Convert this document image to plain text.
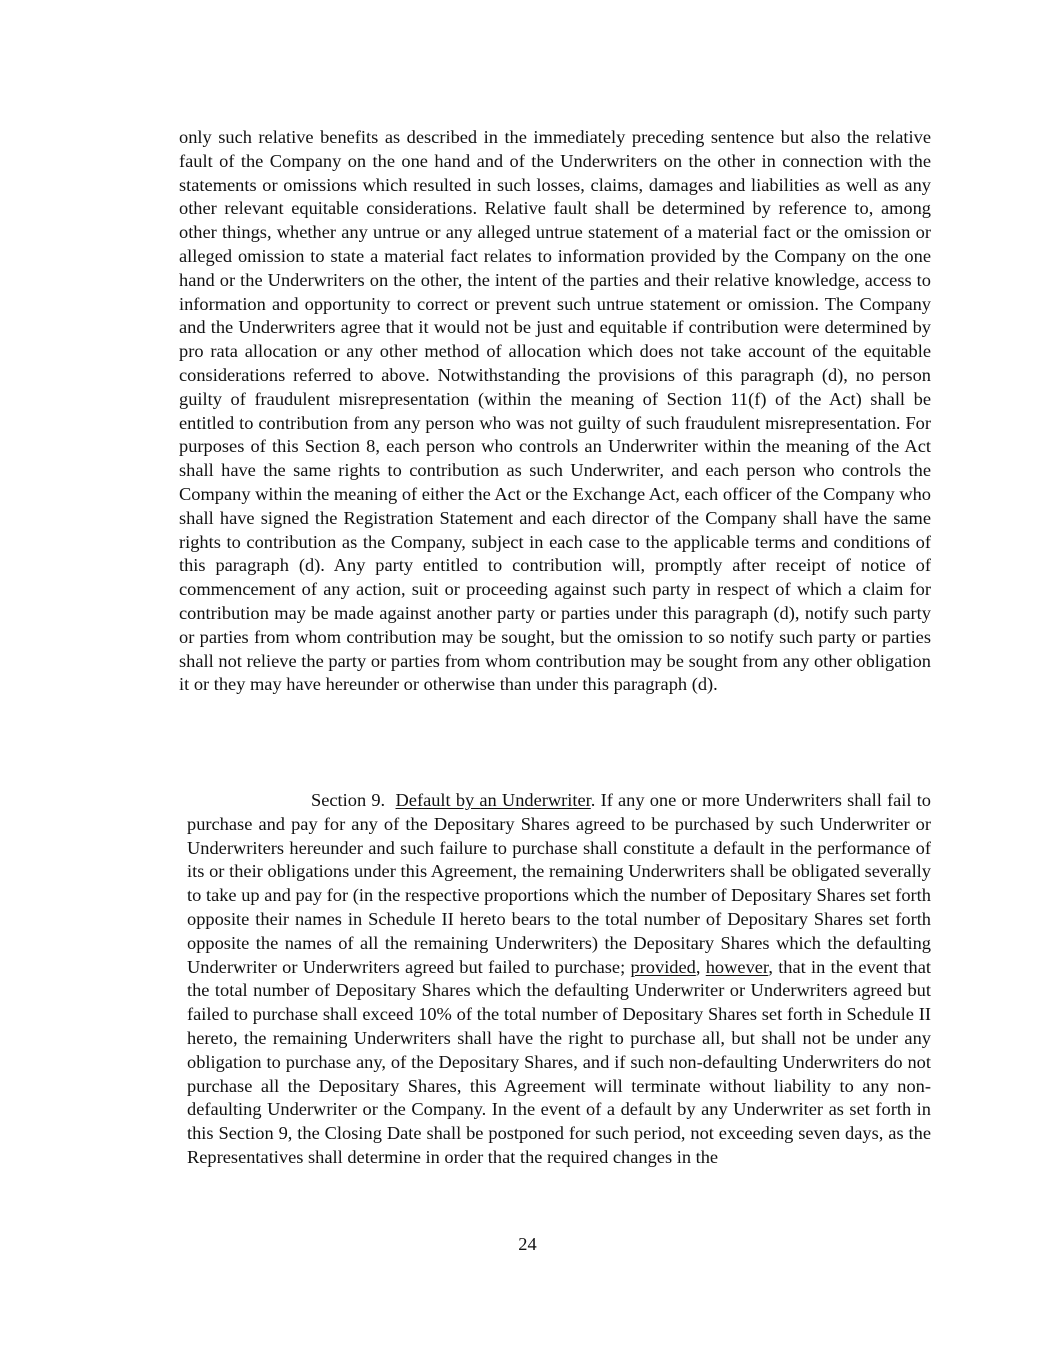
only such relative benefits as described in the immediately preceding sentence but also the relative fault of the Company on the one hand and of the Underwriters on the other in connection with the statements or omissions which resulted in such losses, claims, damages and liabilities as well as any other relevant equitable considerations. Relative fault shall be determined by reference to, among other things, whether any untrue or any alleged untrue statement of a material fact or the omission or alleged omission to state a material fact relates to information provided by the Company on the one hand or the Underwriters on the other, the intent of the parties and their relative knowledge, access to information and opportunity to correct or prevent such untrue statement or omission. The Company and the Underwriters agree that it would not be just and equitable if contribution were determined by pro rata allocation or any other method of allocation which does not take account of the equitable considerations referred to above. Notwithstanding the provisions of this paragraph (d), no person guilty of fraudulent misrepresentation (within the meaning of Section 11(f) of the Act) shall be entitled to contribution from any person who was not guilty of such fraudulent misrepresentation. For purposes of this Section 8, each person who controls an Underwriter within the meaning of the Act shall have the same rights to contribution as such Underwriter, and each person who controls the Company within the meaning of either the Act or the Exchange Act, each officer of the Company who shall have signed the Registration Statement and each director of the Company shall have the same rights to contribution as the Company, subject in each case to the applicable terms and conditions of this paragraph (d). Any party entitled to contribution will, promptly after receipt of notice of commencement of any action, suit or proceeding against such party in respect of which a claim for contribution may be made against another party or parties under this paragraph (d), notify such party or parties from whom contribution may be sought, but the omission to so notify such party or parties shall not relieve the party or parties from whom contribution may be sought from any other obligation it or they may have hereunder or otherwise than under this paragraph (d).

Section 9. Default by an Underwriter. If any one or more Underwriters shall fail to purchase and pay for any of the Depositary Shares agreed to be purchased by such Underwriter or Underwriters hereunder and such failure to purchase shall constitute a default in the performance of its or their obligations under this Agreement, the remaining Underwriters shall be obligated severally to take up and pay for (in the respective proportions which the number of Depositary Shares set forth opposite their names in Schedule II hereto bears to the total number of Depositary Shares set forth opposite the names of all the remaining Underwriters) the Depositary Shares which the defaulting Underwriter or Underwriters agreed but failed to purchase; provided, however, that in the event that the total number of Depositary Shares which the defaulting Underwriter or Underwriters agreed but failed to purchase shall exceed 10% of the total number of Depositary Shares set forth in Schedule II hereto, the remaining Underwriters shall have the right to purchase all, but shall not be under any obligation to purchase any, of the Depositary Shares, and if such non-defaulting Underwriters do not purchase all the Depositary Shares, this Agreement will terminate without liability to any non-defaulting Underwriter or the Company. In the event of a default by any Underwriter as set forth in this Section 9, the Closing Date shall be postponed for such period, not exceeding seven days, as the Representatives shall determine in order that the required changes in the

24
